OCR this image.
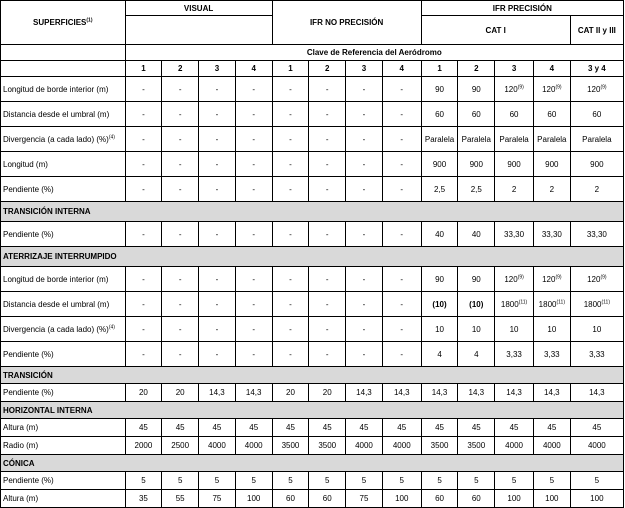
SUPERFICIES$^{(1)}$	VISUAL				IFR NO PRECISIÓN				IFR PRECISIÓN				
									CAT I				CAT II y III

	Clave de Referencia del Aeródromo												
	1	2	3	4	1	2	3	4	1	2	3	4	3 y 4
Longitud de borde interior (m)	-	-	-	-	-	-	-	-	90	90	120$^{(9)}$	120$^{(9)}$	120$^{(9)}$
Distancia desde el umbral (m)	-	-	-	-	-	-	-	-	60	60	60	60	60
Divergencia (a cada lado) (%)$^{(4)}$	-	-	-	-	-	-	-	-	Paralela	Paralela	Paralela	Paralela	Paralela
Longitud (m)	-	-	-	-	-	-	-	-	900	900	900	900	900
Pendiente (%)	-	-	-	-	-	-	-	-	2,5	2,5	2	2	2
TRANSICIÓN INTERNA													
Pendiente (%)	-	-	-	-	-	-	-	-	40	40	33,30	33,30	33,30
ATERRIZAJE INTERRUMPIDO													
Longitud de borde interior (m)	-	-	-	-	-	-	-	-	90	90	120$^{(9)}$	120$^{(9)}$	120$^{(9)}$
Distancia desde el umbral (m)	-	-	-	-	-	-	-	-	(10)	(10)	1800$^{(11)}$	1800$^{(11)}$	1800$^{(11)}$
Divergencia (a cada lado) (%)$^{(4)}$	-	-	-	-	-	-	-	-	10	10	10	10	10
Pendiente (%)	-	-	-	-	-	-	-	-	4	4	3,33	3,33	3,33
TRANSICIÓN													
Pendiente (%)	20	20	14,3	14,3	20	20	14,3	14,3	14,3	14,3	14,3	14,3	14,3
HORIZONTAL INTERNA													
Altura (m)	45	45	45	45	45	45	45	45	45	45	45	45	45
Radio (m)	2000	2500	4000	4000	3500	3500	4000	4000	3500	3500	4000	4000	4000
CÓNICA													
Pendiente (%)	5	5	5	5	5	5	5	5	5	5	5	5	5
Altura (m)	35	55	75	100	60	60	75	100	60	60	100	100	100
